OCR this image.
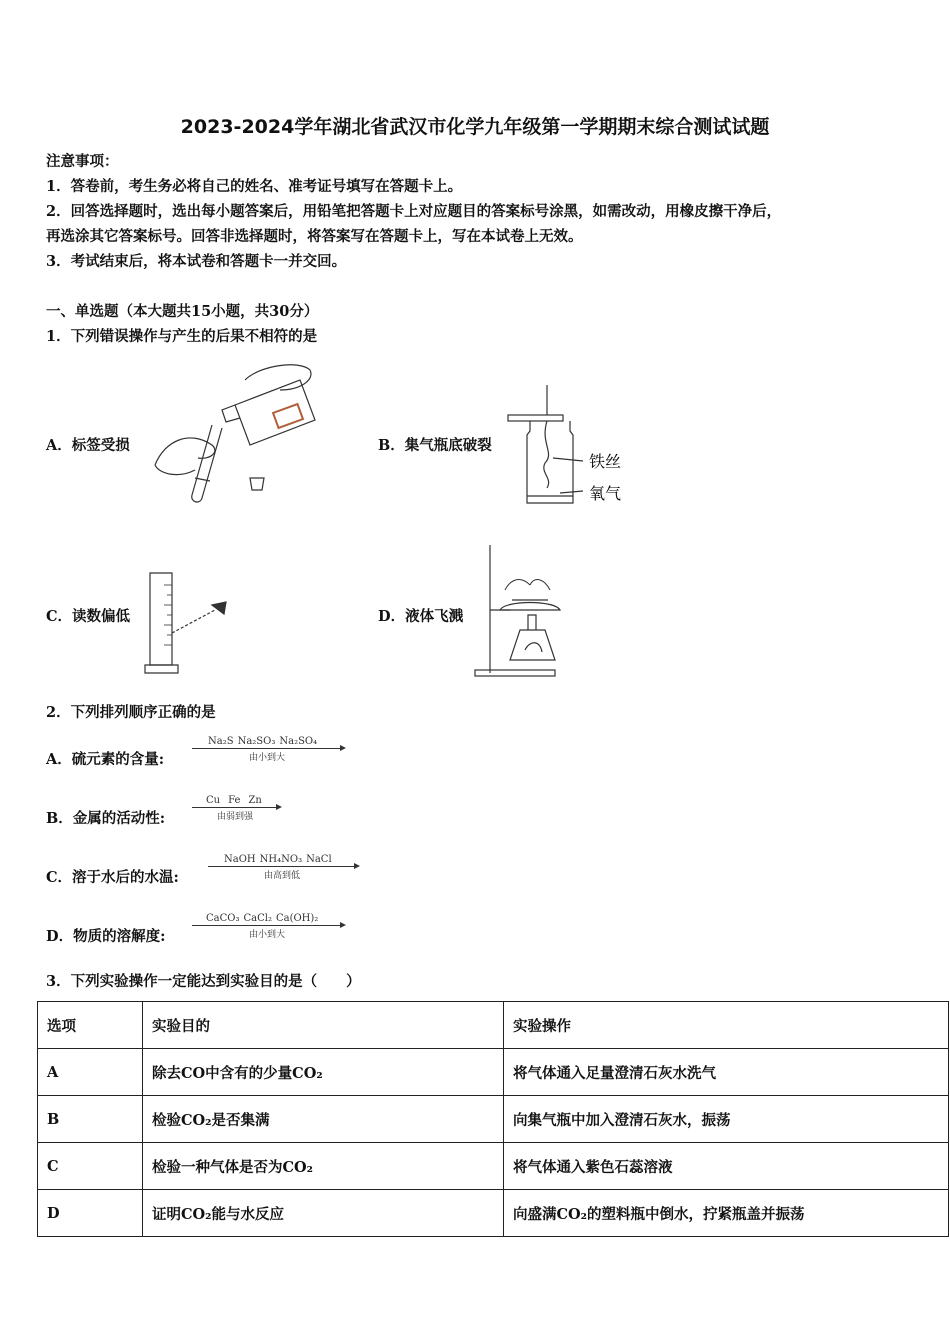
2023-2024学年湖北省武汉市化学九年级第一学期期末综合测试试题
注意事项：
1．答卷前，考生务必将自己的姓名、准考证号填写在答题卡上。
2．回答选择题时，选出每小题答案后，用铅笔把答题卡上对应题目的答案标号涂黑，如需改动，用橡皮擦干净后，
再选涂其它答案标号。回答非选择题时，将答案写在答题卡上，写在本试卷上无效。
3．考试结束后，将本试卷和答题卡一并交回。
一、单选题（本大题共15小题，共30分）
1．下列错误操作与产生的后果不相符的是
A．标签受损	B．集气瓶底破裂
C．读数偏低	D．液体飞溅
铁丝
氧气
2．下列排列顺序正确的是
A．硫元素的含量:
Na₂S Na₂SO₃ Na₂SO₄
由小到大
B．金属的活动性:
Cu Fe Zn
由弱到强
C．溶于水后的水温:
NaOH NH₄NO₃ NaCl
由高到低
D．物质的溶解度:
CaCO₃ CaCl₂ Ca(OH)₂
由小到大
3．下列实验操作一定能达到实验目的是（　　）
选项	实验目的	实验操作
A	除去CO中含有的少量CO₂	将气体通入足量澄清石灰水洗气
B	检验CO₂是否集满	向集气瓶中加入澄清石灰水，振荡
C	检验一种气体是否为CO₂	将气体通入紫色石蕊溶液
D	证明CO₂能与水反应	向盛满CO₂的塑料瓶中倒水，拧紧瓶盖并振荡
